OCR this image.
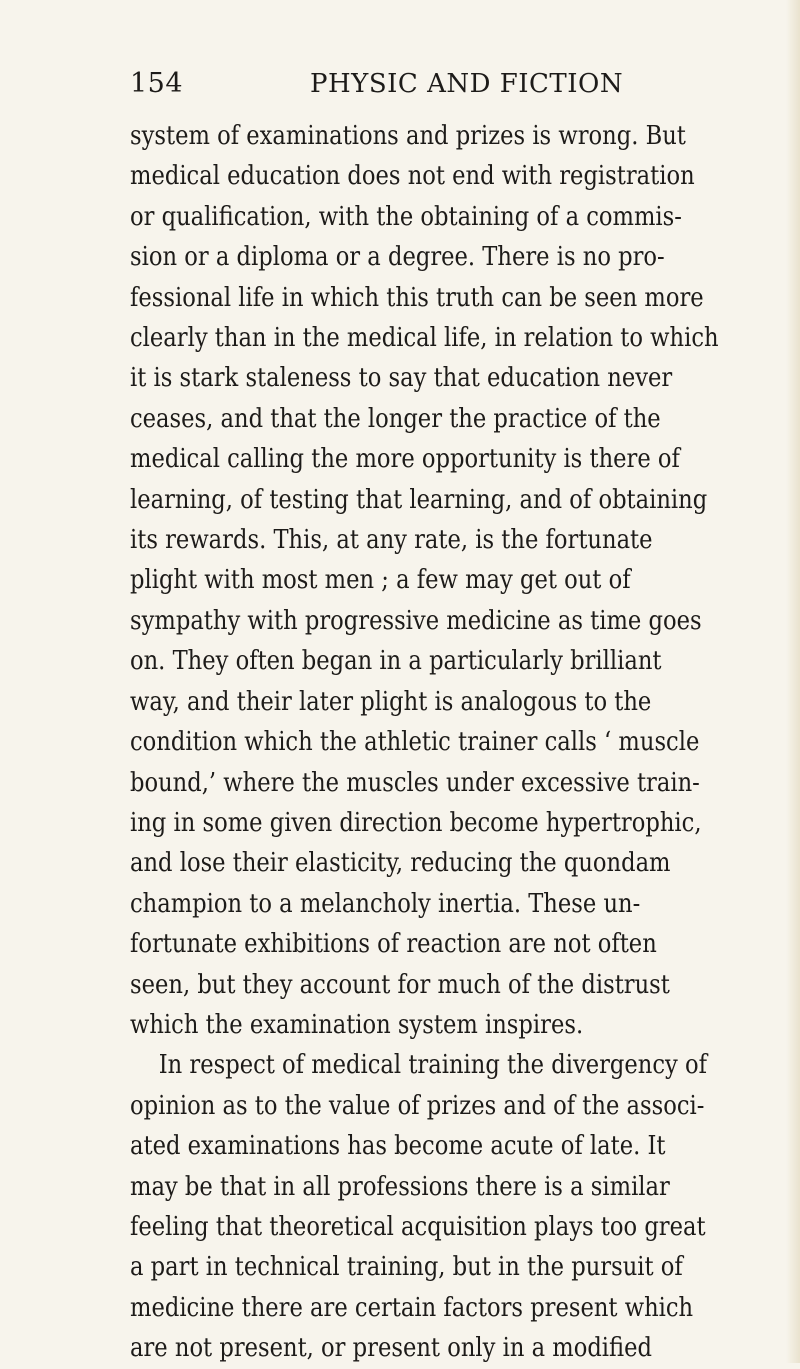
154	PHYSIC AND FICTION
system of examinations and prizes is wrong. But
medical education does not end with registration
or qualification, with the obtaining of a commis-
sion or a diploma or a degree. There is no pro-
fessional life in which this truth can be seen more
clearly than in the medical life, in relation to which
it is stark staleness to say that education never
ceases, and that the longer the practice of the
medical calling the more opportunity is there of
learning, of testing that learning, and of obtaining
its rewards. This, at any rate, is the fortunate
plight with most men ; a few may get out of
sympathy with progressive medicine as time goes
on. They often began in a particularly brilliant
way, and their later plight is analogous to the
condition which the athletic trainer calls ‘ muscle
bound,’ where the muscles under excessive train-
ing in some given direction become hypertrophic,
and lose their elasticity, reducing the quondam
champion to a melancholy inertia. These un-
fortunate exhibitions of reaction are not often
seen, but they account for much of the distrust
which the examination system inspires.
In respect of medical training the divergency of
opinion as to the value of prizes and of the associ-
ated examinations has become acute of late. It
may be that in all professions there is a similar
feeling that theoretical acquisition plays too great
a part in technical training, but in the pursuit of
medicine there are certain factors present which
are not present, or present only in a modified
